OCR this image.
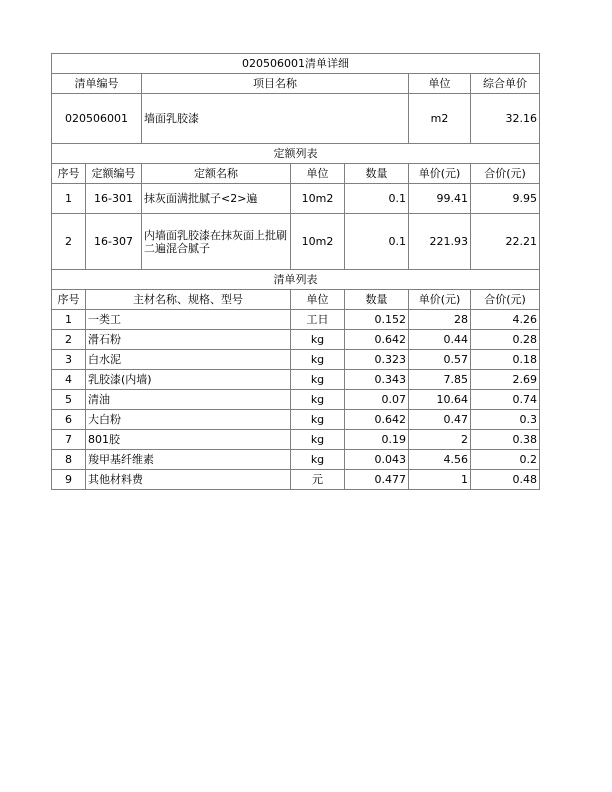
020506001清单详细
清单编号	项目名称	单位	综合单价
020506001	墙面乳胶漆	m2	32.16
定额列表
序号	定额编号	定额名称	单位	数量	单价(元)	合价(元)
1	16-301	抹灰面满批腻子<2>遍	10m2	0.1	99.41	9.95
2	16-307	内墙面乳胶漆在抹灰面上批刷二遍混合腻子	10m2	0.1	221.93	22.21
清单列表
序号	主材名称、规格、型号	单位	数量	单价(元)	合价(元)
1	一类工	工日	0.152	28	4.26
2	滑石粉	kg	0.642	0.44	0.28
3	白水泥	kg	0.323	0.57	0.18
4	乳胶漆(内墙)	kg	0.343	7.85	2.69
5	清油	kg	0.07	10.64	0.74
6	大白粉	kg	0.642	0.47	0.3
7	801胶	kg	0.19	2	0.38
8	羧甲基纤维素	kg	0.043	4.56	0.2
9	其他材料费	元	0.477	1	0.48
